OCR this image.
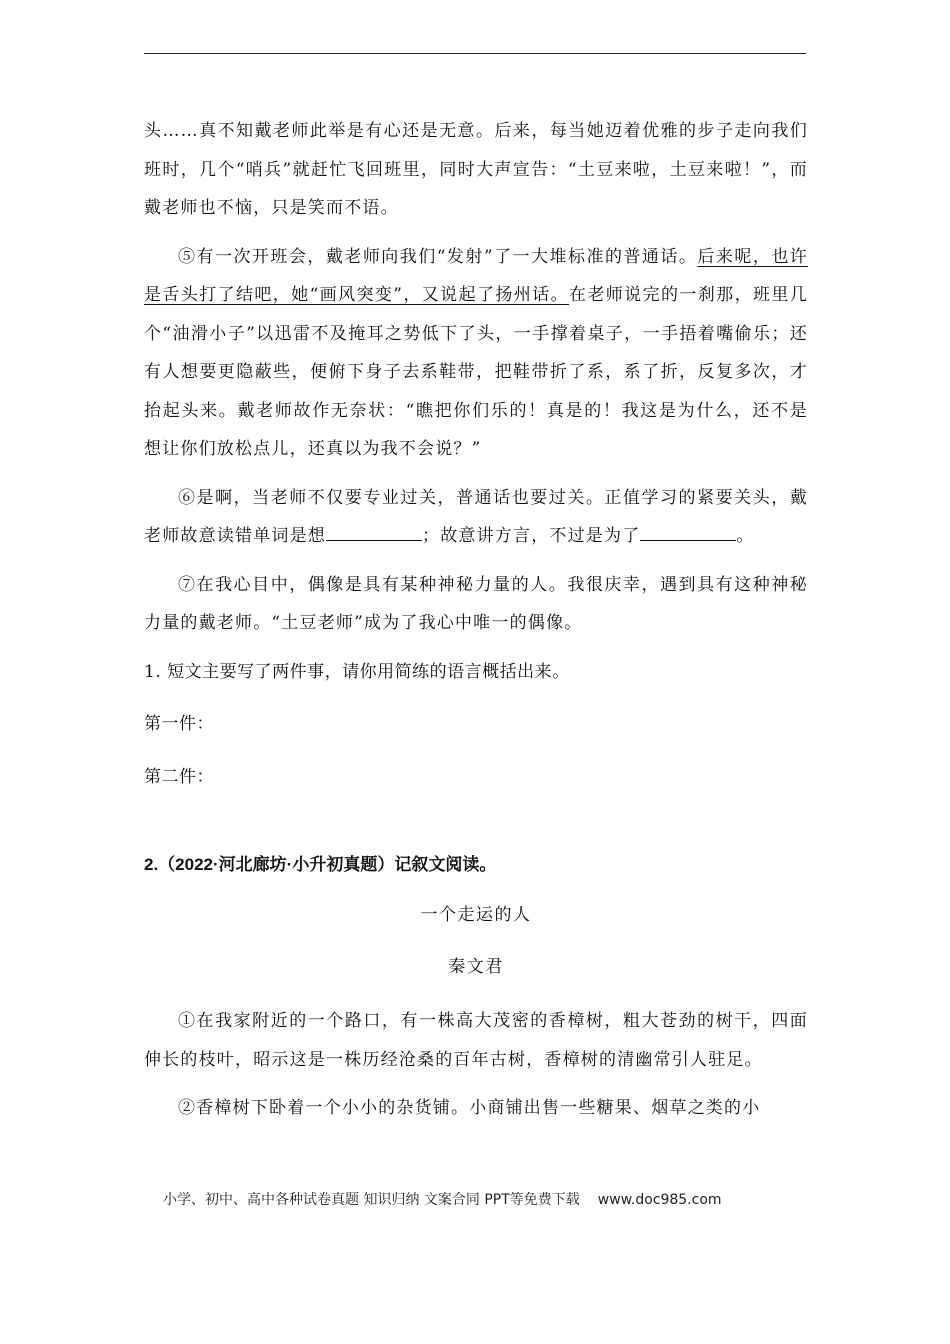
头……真不知戴老师此举是有心还是无意。后来，每当她迈着优雅的步子走向我们班时，几个“哨兵”就赶忙飞回班里，同时大声宣告：“土豆来啦，土豆来啦！”，而戴老师也不恼，只是笑而不语。

⑤有一次开班会，戴老师向我们“发射”了一大堆标准的普通话。后来呢，也许是舌头打了结吧，她“画风突变”，又说起了扬州话。在老师说完的一刹那，班里几个“油滑小子”以迅雷不及掩耳之势低下了头，一手撑着桌子，一手捂着嘴偷乐；还有人想要更隐蔽些，便俯下身子去系鞋带，把鞋带折了系，系了折，反复多次，才抬起头来。戴老师故作无奈状：“瞧把你们乐的！真是的！我这是为什么，还不是想让你们放松点儿，还真以为我不会说？”

⑥是啊，当老师不仅要专业过关，普通话也要过关。正值学习的紧要关头，戴老师故意读错单词是想	；故意讲方言，不过是为了	。

⑦在我心目中，偶像是具有某种神秘力量的人。我很庆幸，遇到具有这种神秘力量的戴老师。“土豆老师”成为了我心中唯一的偶像。

1. 短文主要写了两件事，请你用简练的语言概括出来。

第一件：

第二件：

2.（2022·河北廊坊·小升初真题）记叙文阅读。
一个走运的人
秦文君

①在我家附近的一个路口，有一株高大茂密的香樟树，粗大苍劲的树干，四面伸长的枝叶，昭示这是一株历经沧桑的百年古树，香樟树的清幽常引人驻足。

②香樟树下卧着一个小小的杂货铺。小商铺出售一些糖果、烟草之类的小

小学、初中、高中各种试卷真题 知识归纳 文案合同 PPT等免费下载 www.doc985.com
